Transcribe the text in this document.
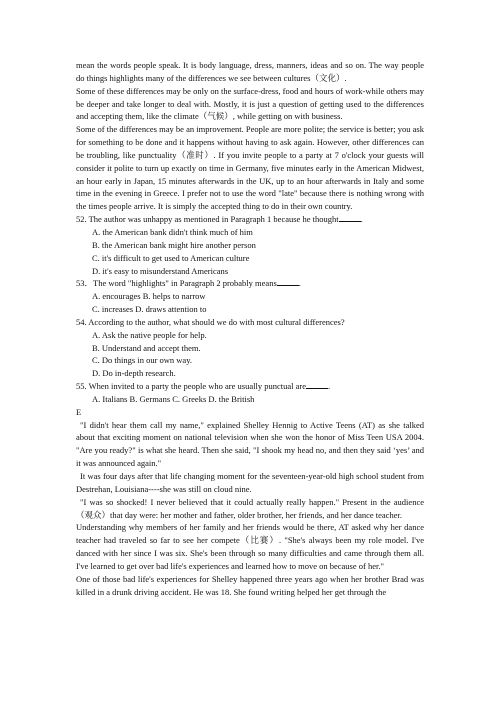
mean the words people speak. It is body language, dress, manners, ideas and so on. The way people do things highlights many of the differences we see between cultures（文化）.

Some of these differences may be only on the surface-dress, food and hours of work-while others may be deeper and take longer to deal with. Mostly, it is just a question of getting used to the differences and accepting them, like the climate（气候）, while getting on with business.

Some of the differences may be an improvement. People are more polite; the service is better; you ask for something to be done and it happens without having to ask again. However, other differences can be troubling, like punctuality（准时）. If you invite people to a party at 7 o'clock your guests will consider it polite to turn up exactly on time in Germany, five minutes early in the American Midwest, an hour early in Japan, 15 minutes afterwards in the UK, up to an hour afterwards in Italy and some time in the evening in Greece. I prefer not to use the word "late" because there is nothing wrong with the times people arrive. It is simply the accepted thing to do in their own country.

52. The author was unhappy as mentioned in Paragraph 1 because he thought	.

A. the American bank didn't think much of him

B. the American bank might hire another person

C. it's difficult to get used to American culture

D. it's easy to misunderstand Americans

53．The word "highlights" in Paragraph 2 probably means	.

A. encourages B. helps to narrow

C. increases D. draws attention to

54. According to the author, what should we do with most cultural differences?

A. Ask the native people for help.

B. Understand and accept them.

C. Do things in our own way.

D. Do in-depth research.

55. When invited to a party the people who are usually punctual are	.

A. Italians B. Germans C. Greeks D. the British

E

"I didn't hear them call my name," explained Shelley Hennig to Active Teens (AT) as she talked about that exciting moment on national television when she won the honor of Miss Teen USA 2004. "Are you ready?" is what she heard. Then she said, "I shook my head no, and then they said ‘yes’ and it was announced again."

It was four days after that life changing moment for the seventeen-year-old high school student from Destrehan, Louisiana----she was still on cloud nine.

"I was so shocked! I never believed that it could actually really happen." Present in the audience（观众）that day were: her mother and father, older brother, her friends, and her dance teacher.

Understanding why members of her family and her friends would be there, AT asked why her dance teacher had traveled so far to see her compete（比赛）. "She's always been my role model. I've danced with her since I was six. She's been through so many difficulties and came through them all. I've learned to get over bad life's experiences and learned how to move on because of her."

One of those bad life's experiences for Shelley happened three years ago when her brother Brad was killed in a drunk driving accident. He was 18. She found writing helped her get through the
